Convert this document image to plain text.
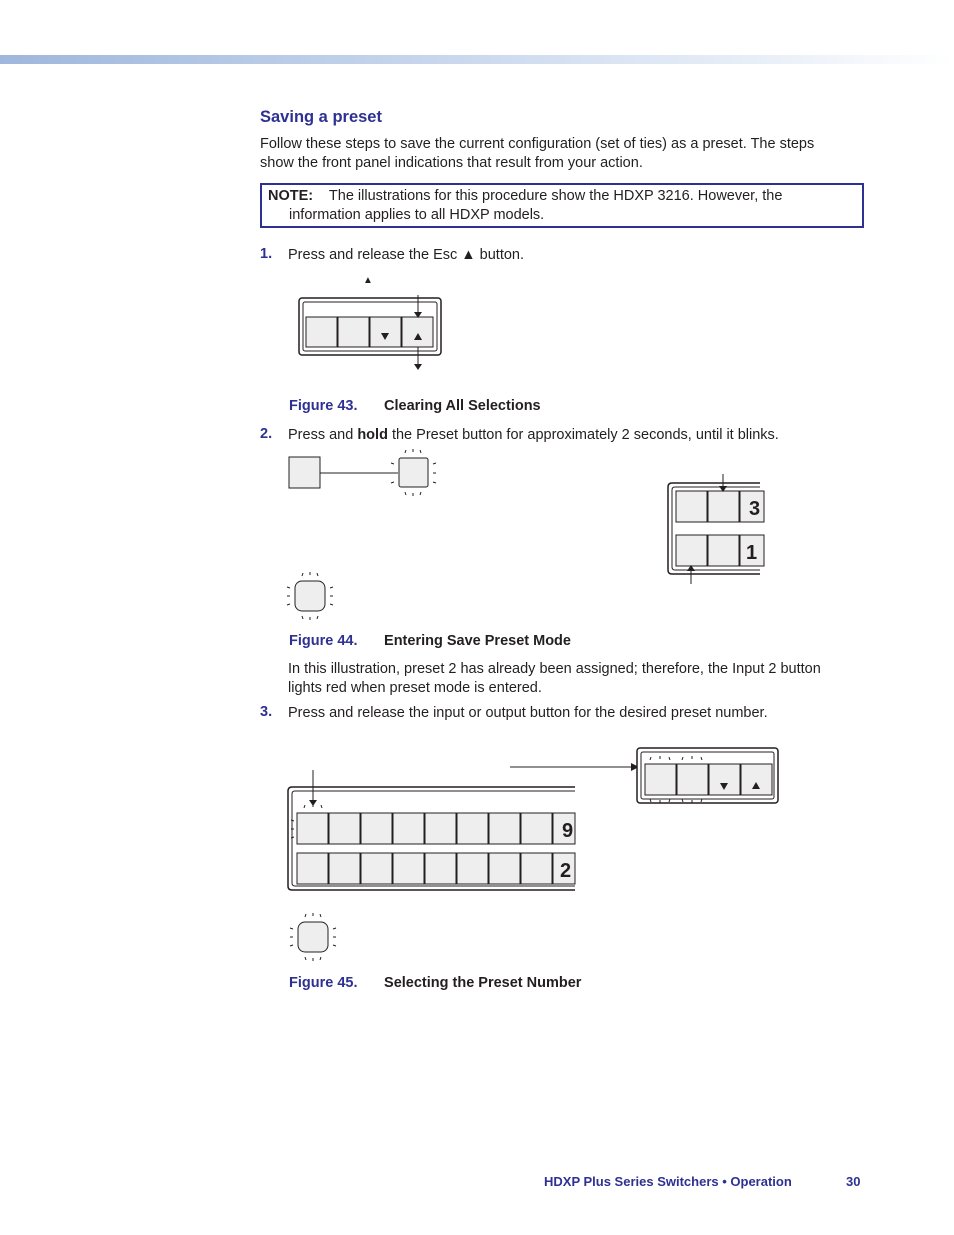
Saving a preset
Follow these steps to save the current configuration (set of ties) as a preset. The steps
show the front panel indications that result from your action.
NOTE: The illustrations for this procedure show the HDXP 3216. However, the
information applies to all HDXP models.
1. Press and release the Esc ▲ button.
▲
Figure 43. Clearing All Selections
2. Press and hold the Preset button for approximately 2 seconds, until it blinks.
3
1
Figure 44. Entering Save Preset Mode
In this illustration, preset 2 has already been assigned; therefore, the Input 2 button
lights red when preset mode is entered.
3. Press and release the input or output button for the desired preset number.
9
2
Figure 45. Selecting the Preset Number
HDXP Plus Series Switchers • Operation	30
